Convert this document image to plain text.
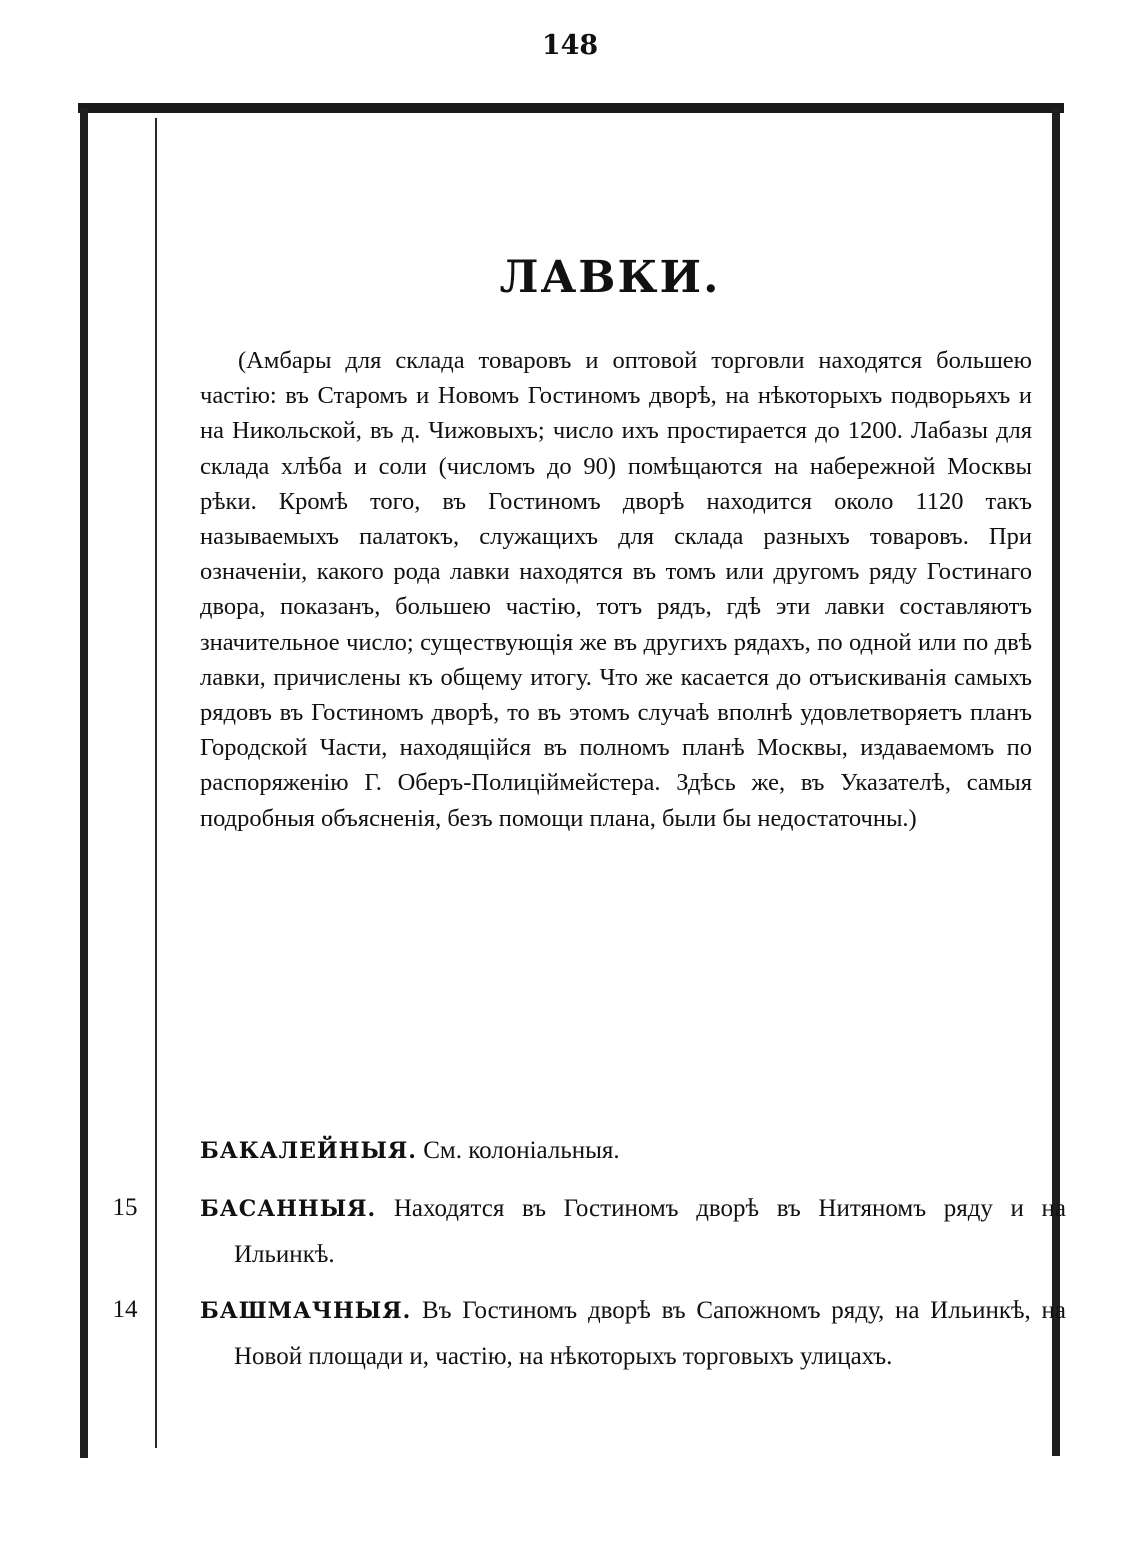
148
ЛАВКИ.

(Амбары для склада товаровъ и оптовой торговли находятся большею частію: въ Старомъ и Новомъ Гостиномъ дворѣ, на нѣкоторыхъ подворьяхъ и на Никольской, въ д. Чижовыхъ; число ихъ простирается до 1200. Лабазы для склада хлѣба и соли (числомъ до 90) помѣщаются на набережной Москвы рѣки. Кромѣ того, въ Гостиномъ дворѣ находится около 1120 такъ называемыхъ палатокъ, служащихъ для склада разныхъ товаровъ. При означеніи, какого рода лавки находятся въ томъ или другомъ ряду Гостинаго двора, показанъ, большею частію, тотъ рядъ, гдѣ эти лавки составляютъ значительное число; существующія же въ другихъ рядахъ, по одной или по двѣ лавки, причислены къ общему итогу. Что же касается до отъискиванія самыхъ рядовъ въ Гостиномъ дворѣ, то въ этомъ случаѣ вполнѣ удовлетворяетъ планъ Городской Части, находящійся въ полномъ планѣ Москвы, издаваемомъ по распоряженію Г. Оберъ-Полиціймейстера. Здѣсь же, въ Указателѣ, самыя подробныя объясненія, безъ помощи плана, были бы недостаточны.)

БАКАЛЕЙНЫЯ. См. колоніальныя.

15	БАСАННЫЯ. Находятся въ Гостиномъ дворѣ въ Нитяномъ ряду и на Ильинкѣ.

14	БАШМАЧНЫЯ. Въ Гостиномъ дворѣ въ Сапожномъ ряду, на Ильинкѣ, на Новой площади и, частію, на нѣкоторыхъ торговыхъ улицахъ.
